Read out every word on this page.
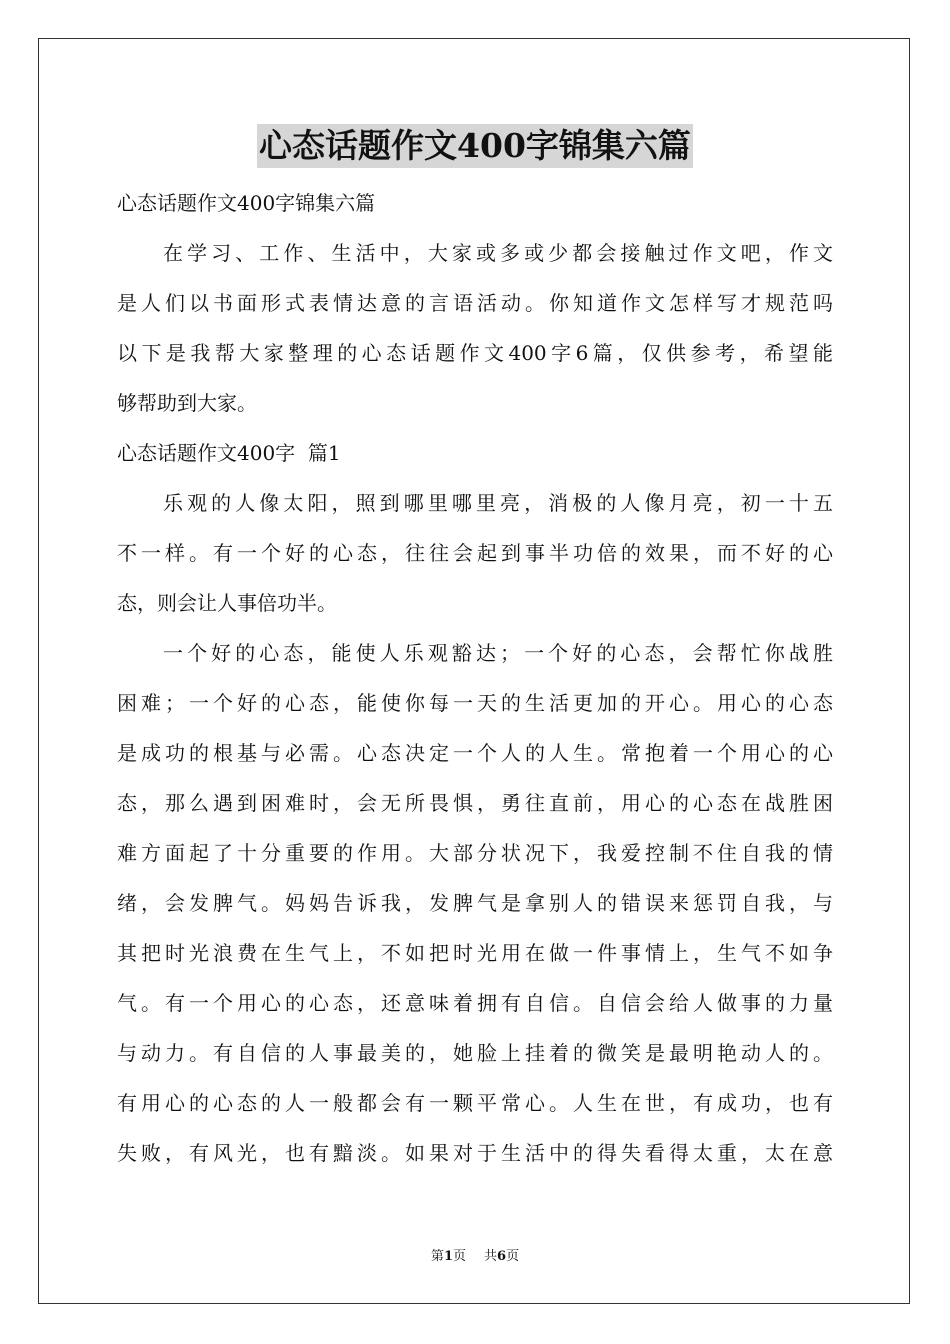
心态话题作文400字锦集六篇
心态话题作文400字锦集六篇
在学习、工作、生活中，大家或多或少都会接触过作文吧，作文
是人们以书面形式表情达意的言语活动。你知道作文怎样写才规范吗
以下是我帮大家整理的心态话题作文400字6篇，仅供参考，希望能
够帮助到大家。
心态话题作文400字  篇1
乐观的人像太阳，照到哪里哪里亮，消极的人像月亮，初一十五
不一样。有一个好的心态，往往会起到事半功倍的效果，而不好的心
态，则会让人事倍功半。
一个好的心态，能使人乐观豁达；一个好的心态，会帮忙你战胜
困难；一个好的心态，能使你每一天的生活更加的开心。用心的心态
是成功的根基与必需。心态决定一个人的人生。常抱着一个用心的心
态，那么遇到困难时，会无所畏惧，勇往直前，用心的心态在战胜困
难方面起了十分重要的作用。大部分状况下，我爱控制不住自我的情
绪，会发脾气。妈妈告诉我，发脾气是拿别人的错误来惩罚自我，与
其把时光浪费在生气上，不如把时光用在做一件事情上，生气不如争
气。有一个用心的心态，还意味着拥有自信。自信会给人做事的力量
与动力。有自信的人事最美的，她脸上挂着的微笑是最明艳动人的。
有用心的心态的人一般都会有一颗平常心。人生在世，有成功，也有
失败，有风光，也有黯淡。如果对于生活中的得失看得太重，太在意
第1页 共6页
